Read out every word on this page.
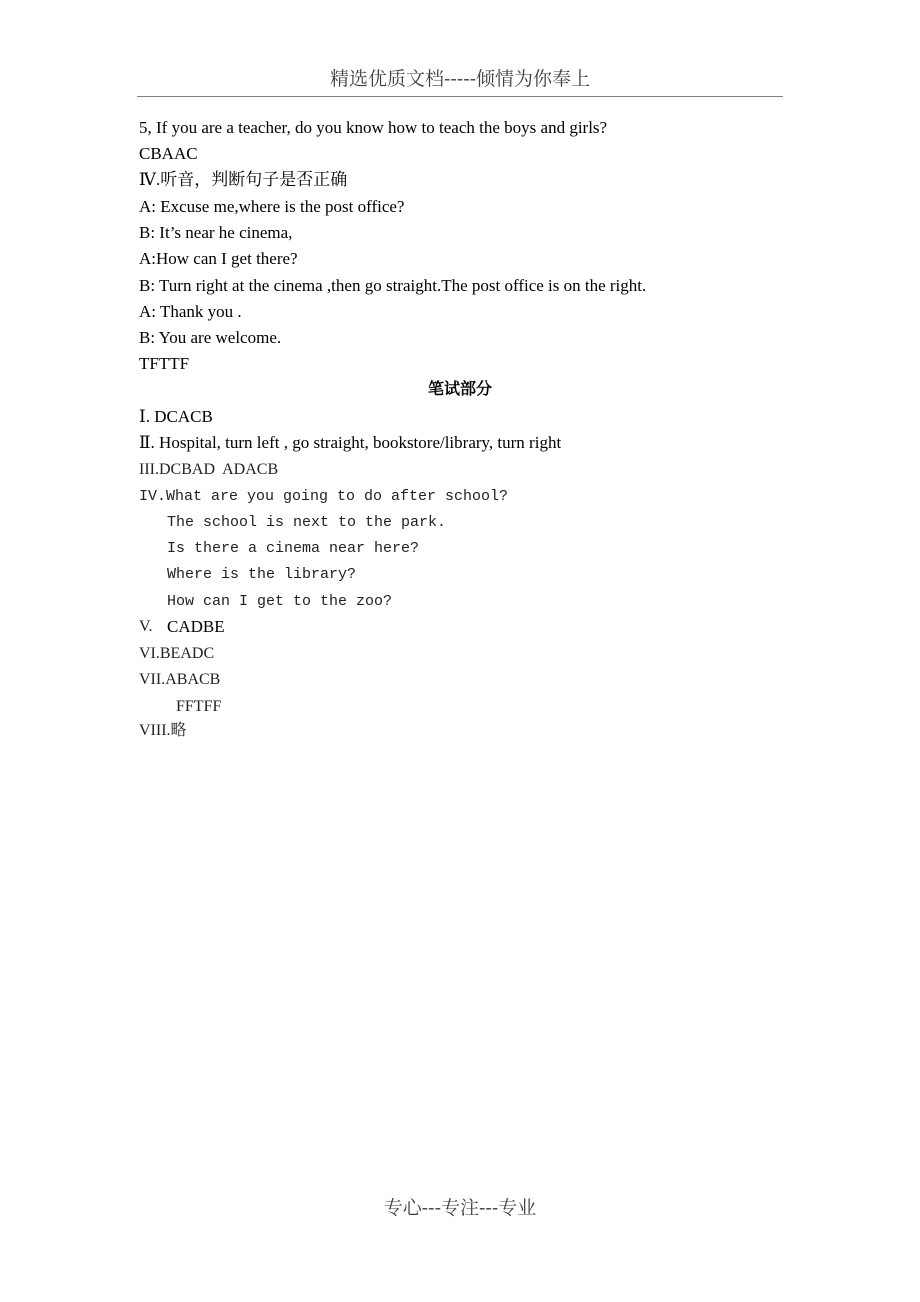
精选优质文档-----倾情为你奉上
5, If you are a teacher, do you know how to teach the boys and girls?
CBAAC
Ⅳ.听音，判断句子是否正确
A: Excuse me,where is the post office?
B: It’s near he cinema,
A:How can I get there?
B: Turn right at the cinema ,then go straight.The post office is on the right.
A: Thank you .
B: You are welcome.
TFTTF
笔试部分
Ⅰ. DCACB
Ⅱ. Hospital, turn left , go straight, bookstore/library, turn right
III.DCBAD  ADACB
IV.What are you going to do after school?
The school is next to the park.
Is there a cinema near here?
Where is the library?
How can I get to the zoo?
V. CADBE
VI.BEADC
VII.ABACB
FFTFF
VIII.略
专心---专注---专业
